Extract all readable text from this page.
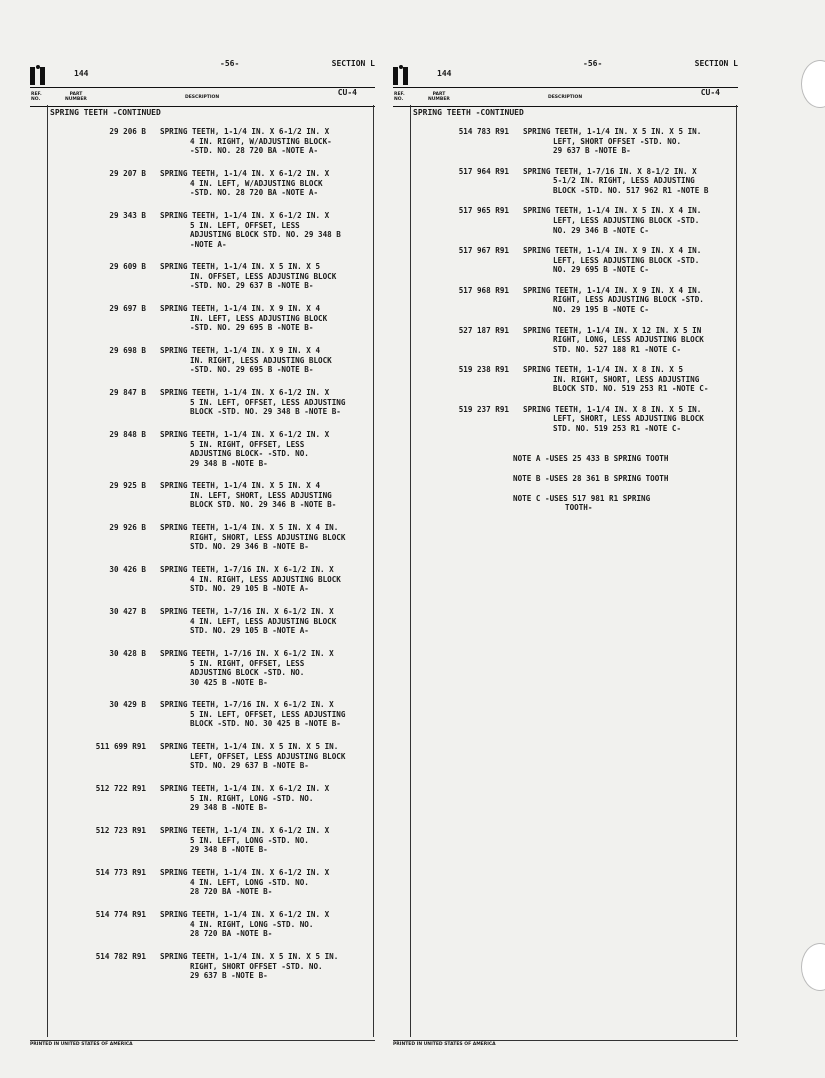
144
-56-	SECTION L
REF.
NO.
PART
NUMBER	DESCRIPTION
CU-4
SPRING TEETH -CONTINUED
29 206 B SPRING TEETH, 1-1/4 IN. X 6-1/2 IN. X
4 IN. RIGHT, W/ADJUSTING BLOCK-
-STD. NO. 28 720 BA -NOTE A-
29 207 B SPRING TEETH, 1-1/4 IN. X 6-1/2 IN. X
4 IN. LEFT, W/ADJUSTING BLOCK
-STD. NO. 28 720 BA -NOTE A-
29 343 B SPRING TEETH, 1-1/4 IN. X 6-1/2 IN. X
5 IN. LEFT, OFFSET, LESS
ADJUSTING BLOCK STD. NO. 29 348 B
-NOTE A-
29 609 B SPRING TEETH, 1-1/4 IN. X 5 IN. X 5
IN. OFFSET, LESS ADJUSTING BLOCK
-STD. NO. 29 637 B -NOTE B-
29 697 B SPRING TEETH, 1-1/4 IN. X 9 IN. X 4
IN. LEFT, LESS ADJUSTING BLOCK
-STD. NO. 29 695 B -NOTE B-
29 698 B SPRING TEETH, 1-1/4 IN. X 9 IN. X 4
IN. RIGHT, LESS ADJUSTING BLOCK
-STD. NO. 29 695 B -NOTE B-
29 847 B SPRING TEETH, 1-1/4 IN. X 6-1/2 IN. X
5 IN. LEFT, OFFSET, LESS ADJUSTING
BLOCK -STD. NO. 29 348 B -NOTE B-
29 848 B SPRING TEETH, 1-1/4 IN. X 6-1/2 IN. X
5 IN. RIGHT, OFFSET, LESS
ADJUSTING BLOCK- -STD. NO.
29 348 B -NOTE B-
29 925 B SPRING TEETH, 1-1/4 IN. X 5 IN. X 4
IN. LEFT, SHORT, LESS ADJUSTING
BLOCK STD. NO. 29 346 B -NOTE B-
29 926 B SPRING TEETH, 1-1/4 IN. X 5 IN. X 4 IN.
RIGHT, SHORT, LESS ADJUSTING BLOCK
STD. NO. 29 346 B -NOTE B-
30 426 B SPRING TEETH, 1-7/16 IN. X 6-1/2 IN. X
4 IN. RIGHT, LESS ADJUSTING BLOCK
STD. NO. 29 105 B -NOTE A-
30 427 B SPRING TEETH, 1-7/16 IN. X 6-1/2 IN. X
4 IN. LEFT, LESS ADJUSTING BLOCK
STD. NO. 29 105 B -NOTE A-
30 428 B SPRING TEETH, 1-7/16 IN. X 6-1/2 IN. X
5 IN. RIGHT, OFFSET, LESS
ADJUSTING BLOCK -STD. NO.
30 425 B -NOTE B-
30 429 B SPRING TEETH, 1-7/16 IN. X 6-1/2 IN. X
5 IN. LEFT, OFFSET, LESS ADJUSTING
BLOCK -STD. NO. 30 425 B -NOTE B-
511 699 R91 SPRING TEETH, 1-1/4 IN. X 5 IN. X 5 IN.
LEFT, OFFSET, LESS ADJUSTING BLOCK
STD. NO. 29 637 B -NOTE B-
512 722 R91 SPRING TEETH, 1-1/4 IN. X 6-1/2 IN. X
5 IN. RIGHT, LONG -STD. NO.
29 348 B -NOTE B-
512 723 R91 SPRING TEETH, 1-1/4 IN. X 6-1/2 IN. X
5 IN. LEFT, LONG -STD. NO.
29 348 B -NOTE B-
514 773 R91 SPRING TEETH, 1-1/4 IN. X 6-1/2 IN. X
4 IN. LEFT, LONG -STD. NO.
28 720 BA -NOTE B-
514 774 R91 SPRING TEETH, 1-1/4 IN. X 6-1/2 IN. X
4 IN. RIGHT, LONG -STD. NO.
28 720 BA -NOTE B-
514 782 R91 SPRING TEETH, 1-1/4 IN. X 5 IN. X 5 IN.
RIGHT, SHORT OFFSET -STD. NO.
29 637 B -NOTE B-
PRINTED IN UNITED STATES OF AMERICA
144
-56-	SECTION L
REF.
NO.
PART
NUMBER	DESCRIPTION
CU-4
SPRING TEETH -CONTINUED
514 783 R91 SPRING TEETH, 1-1/4 IN. X 5 IN. X 5 IN.
LEFT, SHORT OFFSET -STD. NO.
29 637 B -NOTE B-
517 964 R91 SPRING TEETH, 1-7/16 IN. X 8-1/2 IN. X
5-1/2 IN. RIGHT, LESS ADJUSTING
BLOCK -STD. NO. 517 962 R1 -NOTE B
517 965 R91 SPRING TEETH, 1-1/4 IN. X 5 IN. X 4 IN.
LEFT, LESS ADJUSTING BLOCK -STD.
NO. 29 346 B -NOTE C-
517 967 R91 SPRING TEETH, 1-1/4 IN. X 9 IN. X 4 IN.
LEFT, LESS ADJUSTING BLOCK -STD.
NO. 29 695 B -NOTE C-
517 968 R91 SPRING TEETH, 1-1/4 IN. X 9 IN. X 4 IN.
RIGHT, LESS ADJUSTING BLOCK -STD.
NO. 29 195 B -NOTE C-
527 187 R91 SPRING TEETH, 1-1/4 IN. X 12 IN. X 5 IN
RIGHT, LONG, LESS ADJUSTING BLOCK
STD. NO. 527 188 R1 -NOTE C-
519 238 R91 SPRING TEETH, 1-1/4 IN. X 8 IN. X 5
IN. RIGHT, SHORT, LESS ADJUSTING
BLOCK STD. NO. 519 253 R1 -NOTE C-
519 237 R91 SPRING TEETH, 1-1/4 IN. X 8 IN. X 5 IN.
LEFT, SHORT, LESS ADJUSTING BLOCK
STD. NO. 519 253 R1 -NOTE C-
PRINTED IN UNITED STATES OF AMERICA
NOTE A -USES 25 433 B SPRING TOOTH
NOTE B -USES 28 361 B SPRING TOOTH
NOTE C -USES 517 981 R1 SPRING
TOOTH-
